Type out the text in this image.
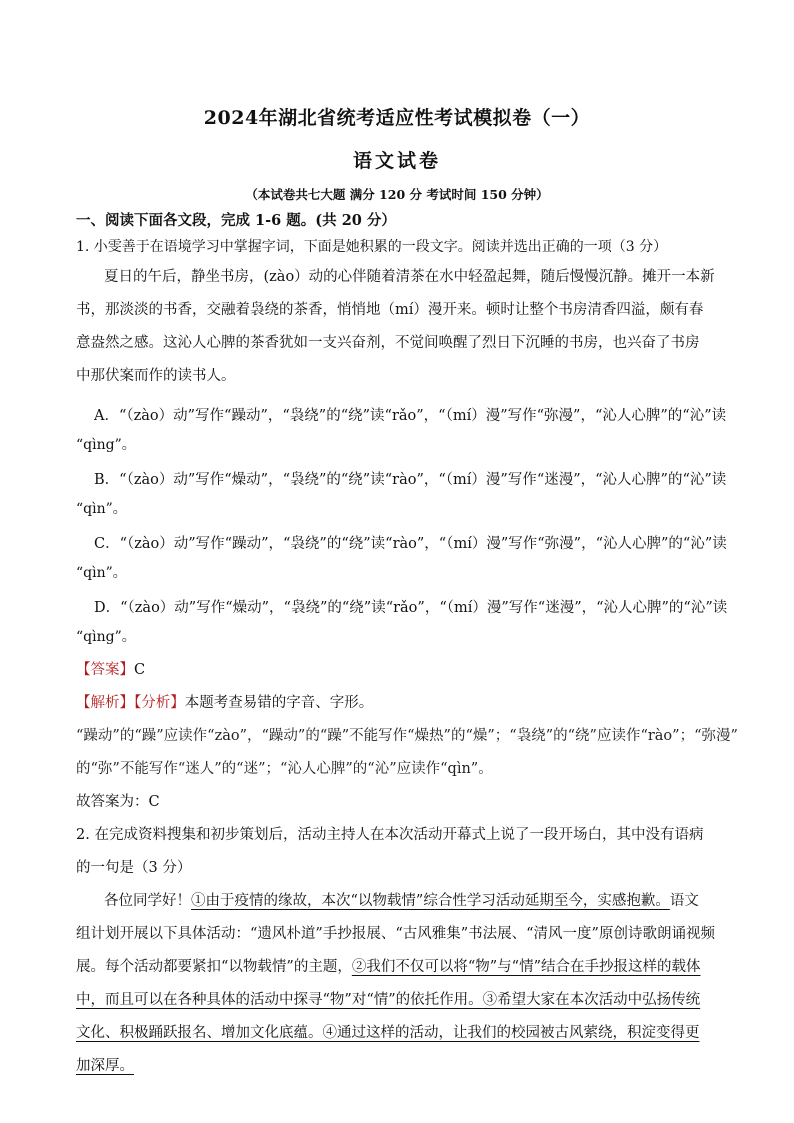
2024年湖北省统考适应性考试模拟卷（一）
语文试卷
（本试卷共七大题 满分 120 分 考试时间 150 分钟）
一、阅读下面各文段，完成 1-6 题。(共 20 分）
1. 小雯善于在语境学习中掌握字词，下面是她积累的一段文字。阅读并选出正确的一项（3 分）
夏日的午后，静坐书房，(zào）动的心伴随着清茶在水中轻盈起舞，随后慢慢沉静。摊开一本新
书，那淡淡的书香，交融着袅绕的茶香，悄悄地（mí）漫开来。顿时让整个书房清香四溢，颇有春
意盎然之感。这沁人心脾的茶香犹如一支兴奋剂，不觉间唤醒了烈日下沉睡的书房，也兴奋了书房
中那伏案而作的读书人。
A．“（zào）动”写作“躁动”，“袅绕”的“绕”读“rǎo”，“（mí）漫”写作“弥漫”，“沁人心脾”的“沁”读
“qìng”。
B．“（zào）动”写作“燥动”，“袅绕”的“绕”读“rào”，“（mí）漫”写作“迷漫”，“沁人心脾”的“沁”读
“qìn”。
C．“（zào）动”写作“躁动”，“袅绕”的“绕”读“rào”，“（mí）漫”写作“弥漫”，“沁人心脾”的“沁”读
“qìn”。
D．“（zào）动”写作“燥动”，“袅绕”的“绕”读“rǎo”，“（mí）漫”写作“迷漫”，“沁人心脾”的“沁”读
“qìng”。
【答案】C
【解析】【分析】本题考查易错的字音、字形。
“躁动”的“躁”应读作“zào”，“躁动”的“躁”不能写作“燥热”的“燥”；“袅绕”的“绕”应读作“rào”；“弥漫”
的“弥”不能写作“迷人”的“迷”；“沁人心脾”的“沁”应读作“qìn”。
故答案为：C
2. 在完成资料搜集和初步策划后，活动主持人在本次活动开幕式上说了一段开场白，其中没有语病
的一句是（3 分）
各位同学好！①由于疫情的缘故，本次“以物载情”综合性学习活动延期至今，实感抱歉。语文
组计划开展以下具体活动：“遗风朴道”手抄报展、“古风雅集”书法展、“清风一度”原创诗歌朗诵视频
展。每个活动都要紧扣“以物载情”的主题，②我们不仅可以将“物”与“情”结合在手抄报这样的载体
中，而且可以在各种具体的活动中探寻“物”对“情”的依托作用。③希望大家在本次活动中弘扬传统
文化、积极踊跃报名、增加文化底蕴。④通过这样的活动，让我们的校园被古风萦绕，积淀变得更
加深厚。
